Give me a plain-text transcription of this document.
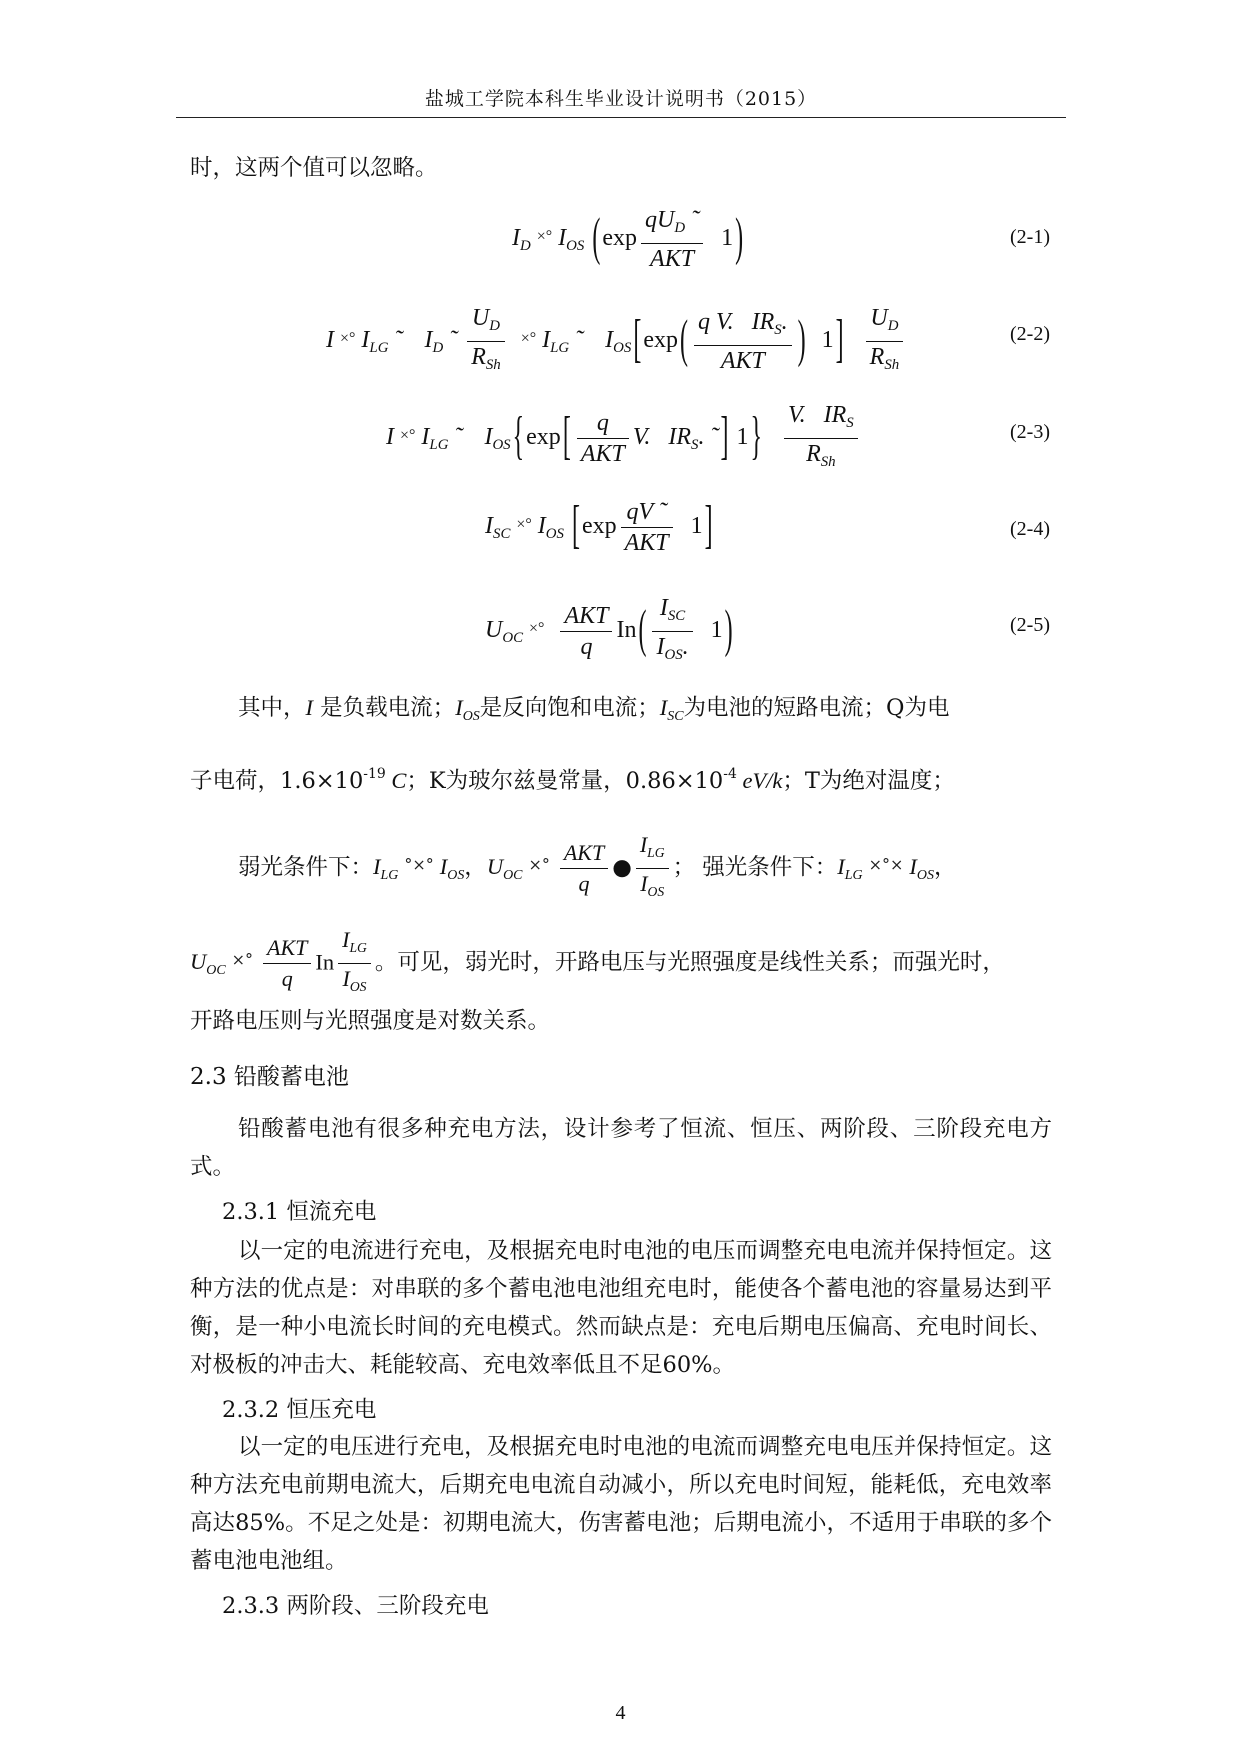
盐城工学院本科生毕业设计说明书（2015）
时，这两个值可以忽略。
$I_D\times^\circ$ $I_{OS}$ $(\exp \frac{qU_D ˜}{\text{AKT}} 1)$	(2-1)
I ×° $I_{LG}$ ˜ $I_D$ ˜ $\frac{U_D}{R_{Sh}}$ ×° $I_{LG}$ ˜ $I_{OS}[\exp( \frac{q V. IR_S.}{\text{AKT}}$ ) $1] \frac{U_D}{R_{Sh}}$	(2-2)
I ×° $I_{LG}$ ˜ $I_{OS}\{\exp[ \frac{q}{\text{AKT}} V$.   $IR_S$. ˜] $1\} \frac{V. IR_S}{R_{Sh}}$	(2-3)
$I_{SC}\times^\circ$ $I_{OS}$ $[\exp \frac{qV ˜}{\text{AKT}} 1]$	(2-4)
$U_{OC}\times^\circ \frac{\text{AKT}}{q} In( \frac{I_{SC}}{I_{OS}.} 1)$	(2-5)
其中，I 是负载电流；$I_{OS}$是反向饱和电流；$I_{SC}$为电池的短路电流；Q为电
子电荷，$1.6\times 10^{-19}$ C；K为玻尔兹曼常量，$0.86\times 10^{-4}$ eV/k；T为绝对温度；
弱光条件下：$I_{LG}^\circ\times^\circ$ $I_{OS}$，$U_{OC}\times^\circ \frac{\text{AKT}}{q}$ ● $\frac{I_{LG}}{I_{OS}}$ ； 强光条件下：$I_{LG}\times^\circ\times I_{OS}$，
$U_{OC}\times^\circ \frac{\text{AKT}}{q}$ In $\frac{I_{LG}}{I_{OS}}$ 。可见，弱光时，开路电压与光照强度是线性关系；而强光时，
开路电压则与光照强度是对数关系。
2.3 铅酸蓄电池
铅酸蓄电池有很多种充电方法，设计参考了恒流、恒压、两阶段、三阶段充电方式。
2.3.1 恒流充电
以一定的电流进行充电，及根据充电时电池的电压而调整充电电流并保持恒定。这种方法的优点是：对串联的多个蓄电池电池组充电时，能使各个蓄电池的容量易达到平衡，是一种小电流长时间的充电模式。然而缺点是：充电后期电压偏高、充电时间长、对极板的冲击大、耗能较高、充电效率低且不足60%。
2.3.2 恒压充电
以一定的电压进行充电，及根据充电时电池的电流而调整充电电压并保持恒定。这种方法充电前期电流大，后期充电电流自动减小，所以充电时间短，能耗低，充电效率高达85%。不足之处是：初期电流大，伤害蓄电池；后期电流小，不适用于串联的多个蓄电池电池组。
2.3.3 两阶段、三阶段充电
4
